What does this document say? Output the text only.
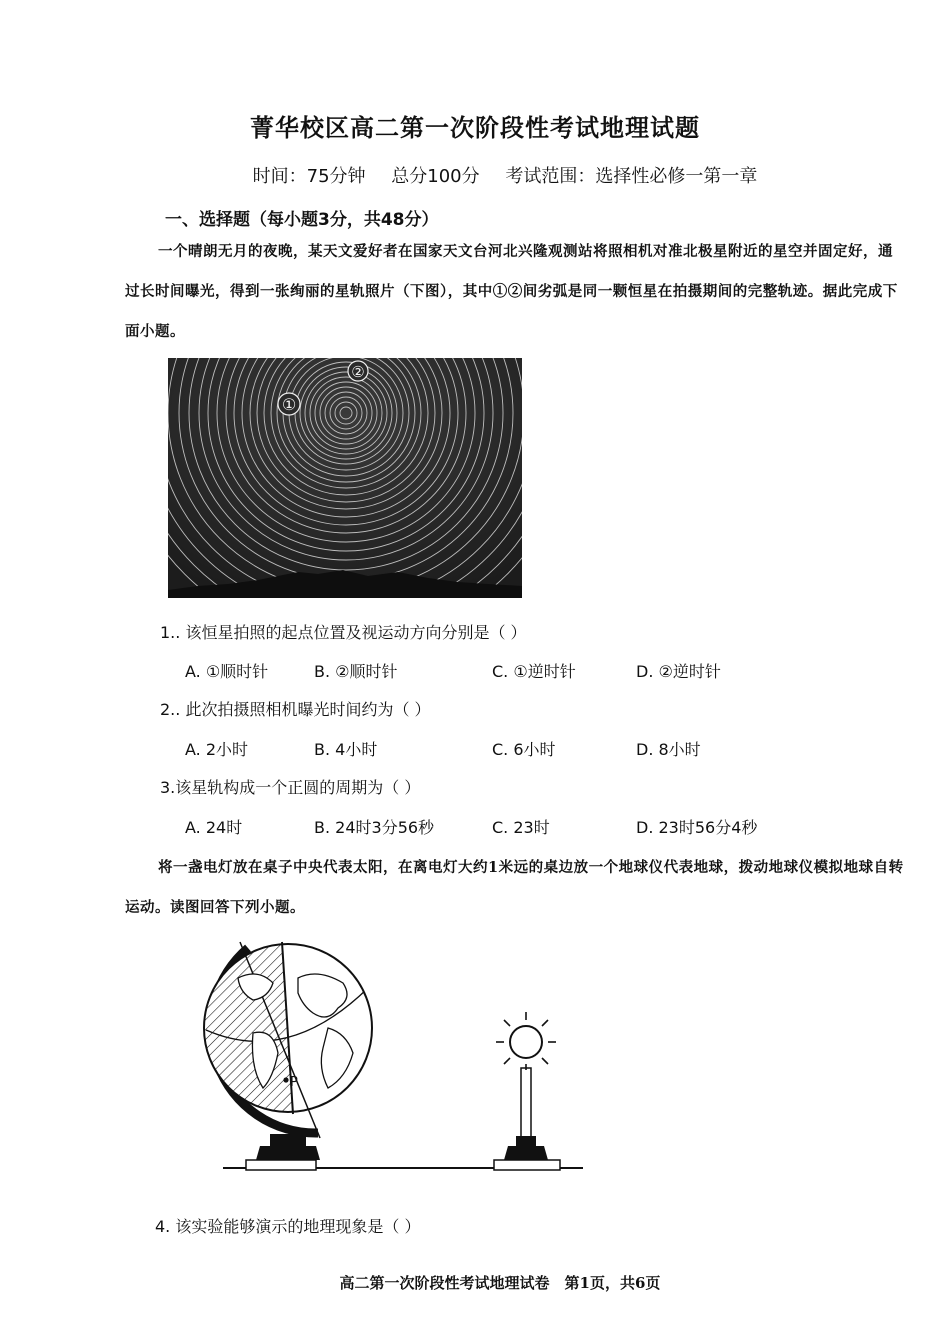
菁华校区高二第一次阶段性考试地理试题
时间：75分钟 总分100分 考试范围：选择性必修一第一章
一、选择题（每小题3分，共48分）
一个晴朗无月的夜晚，某天文爱好者在国家天文台河北兴隆观测站将照相机对准北极星附近的星空并固定好，通过长时间曝光，得到一张绚丽的星轨照片（下图），其中①②间劣弧是同一颗恒星在拍摄期间的完整轨迹。据此完成下面小题。
①
②
1.. 该恒星拍照的起点位置及视运动方向分别是（ ）
A. ①顺时针	B. ②顺时针	C. ①逆时针	D. ②逆时针
2.. 此次拍摄照相机曝光时间约为（ ）
A. 2小时	B. 4小时	C. 6小时	D. 8小时
3.该星轨构成一个正圆的周期为（ ）
A. 24时	B. 24时3分56秒	C. 23时	D. 23时56分4秒
将一盏电灯放在桌子中央代表太阳，在离电灯大约1米远的桌边放一个地球仪代表地球，拨动地球仪模拟地球自转运动。读图回答下列小题。
P
4. 该实验能够演示的地理现象是（ ）
高二第一次阶段性考试地理试卷　第1页，共6页
